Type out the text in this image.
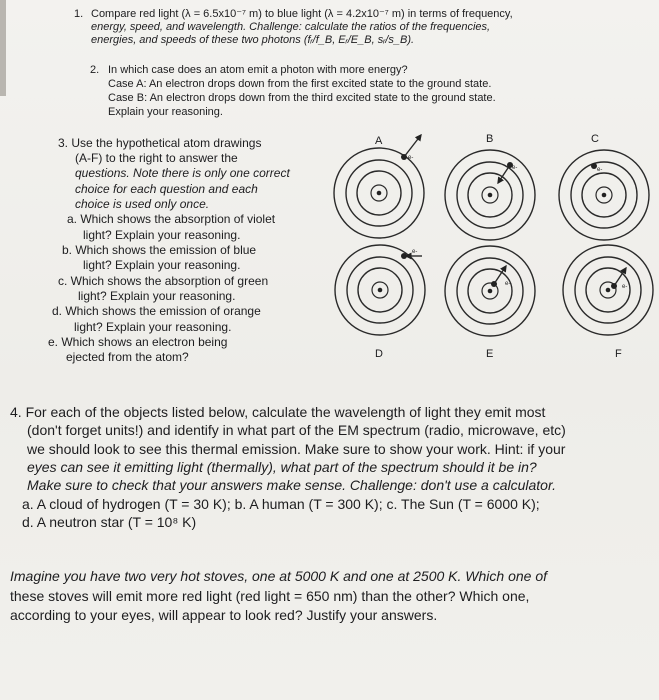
1. Compare red light (λ = 6.5x10⁻⁷ m) to blue light (λ = 4.2x10⁻⁷ m) in terms of frequency,
energy, speed, and wavelength. Challenge: calculate the ratios of the frequencies,
energies, and speeds of these two photons (fᵣ/f_B, Eᵣ/E_B, sᵣ/s_B).
2. In which case does an atom emit a photon with more energy?
Case A: An electron drops down from the first excited state to the ground state.
Case B: An electron drops down from the third excited state to the ground state.
Explain your reasoning.
3. Use the hypothetical atom drawings
(A-F) to the right to answer the
questions. Note there is only one correct
choice for each question and each
choice is used only once.
a. Which shows the absorption of violet
light? Explain your reasoning.
b. Which shows the emission of blue
light? Explain your reasoning.
c. Which shows the absorption of green
light? Explain your reasoning.
d. Which shows the emission of orange
light? Explain your reasoning.
e. Which shows an electron being
ejected from the atom?
A	B	C
D	E	F
e-
e-	e-
e-
e-	e-
4. For each of the objects listed below, calculate the wavelength of light they emit most
(don't forget units!) and identify in what part of the EM spectrum (radio, microwave, etc)
we should look to see this thermal emission. Make sure to show your work. Hint: if your
eyes can see it emitting light (thermally), what part of the spectrum should it be in?
Make sure to check that your answers make sense. Challenge: don't use a calculator.
a. A cloud of hydrogen (T = 30 K); b. A human (T = 300 K); c. The Sun (T = 6000 K);
d. A neutron star (T = 10⁸ K)
Imagine you have two very hot stoves, one at 5000 K and one at 2500 K. Which one of
these stoves will emit more red light (red light = 650 nm) than the other? Which one,
according to your eyes, will appear to look red? Justify your answers.
